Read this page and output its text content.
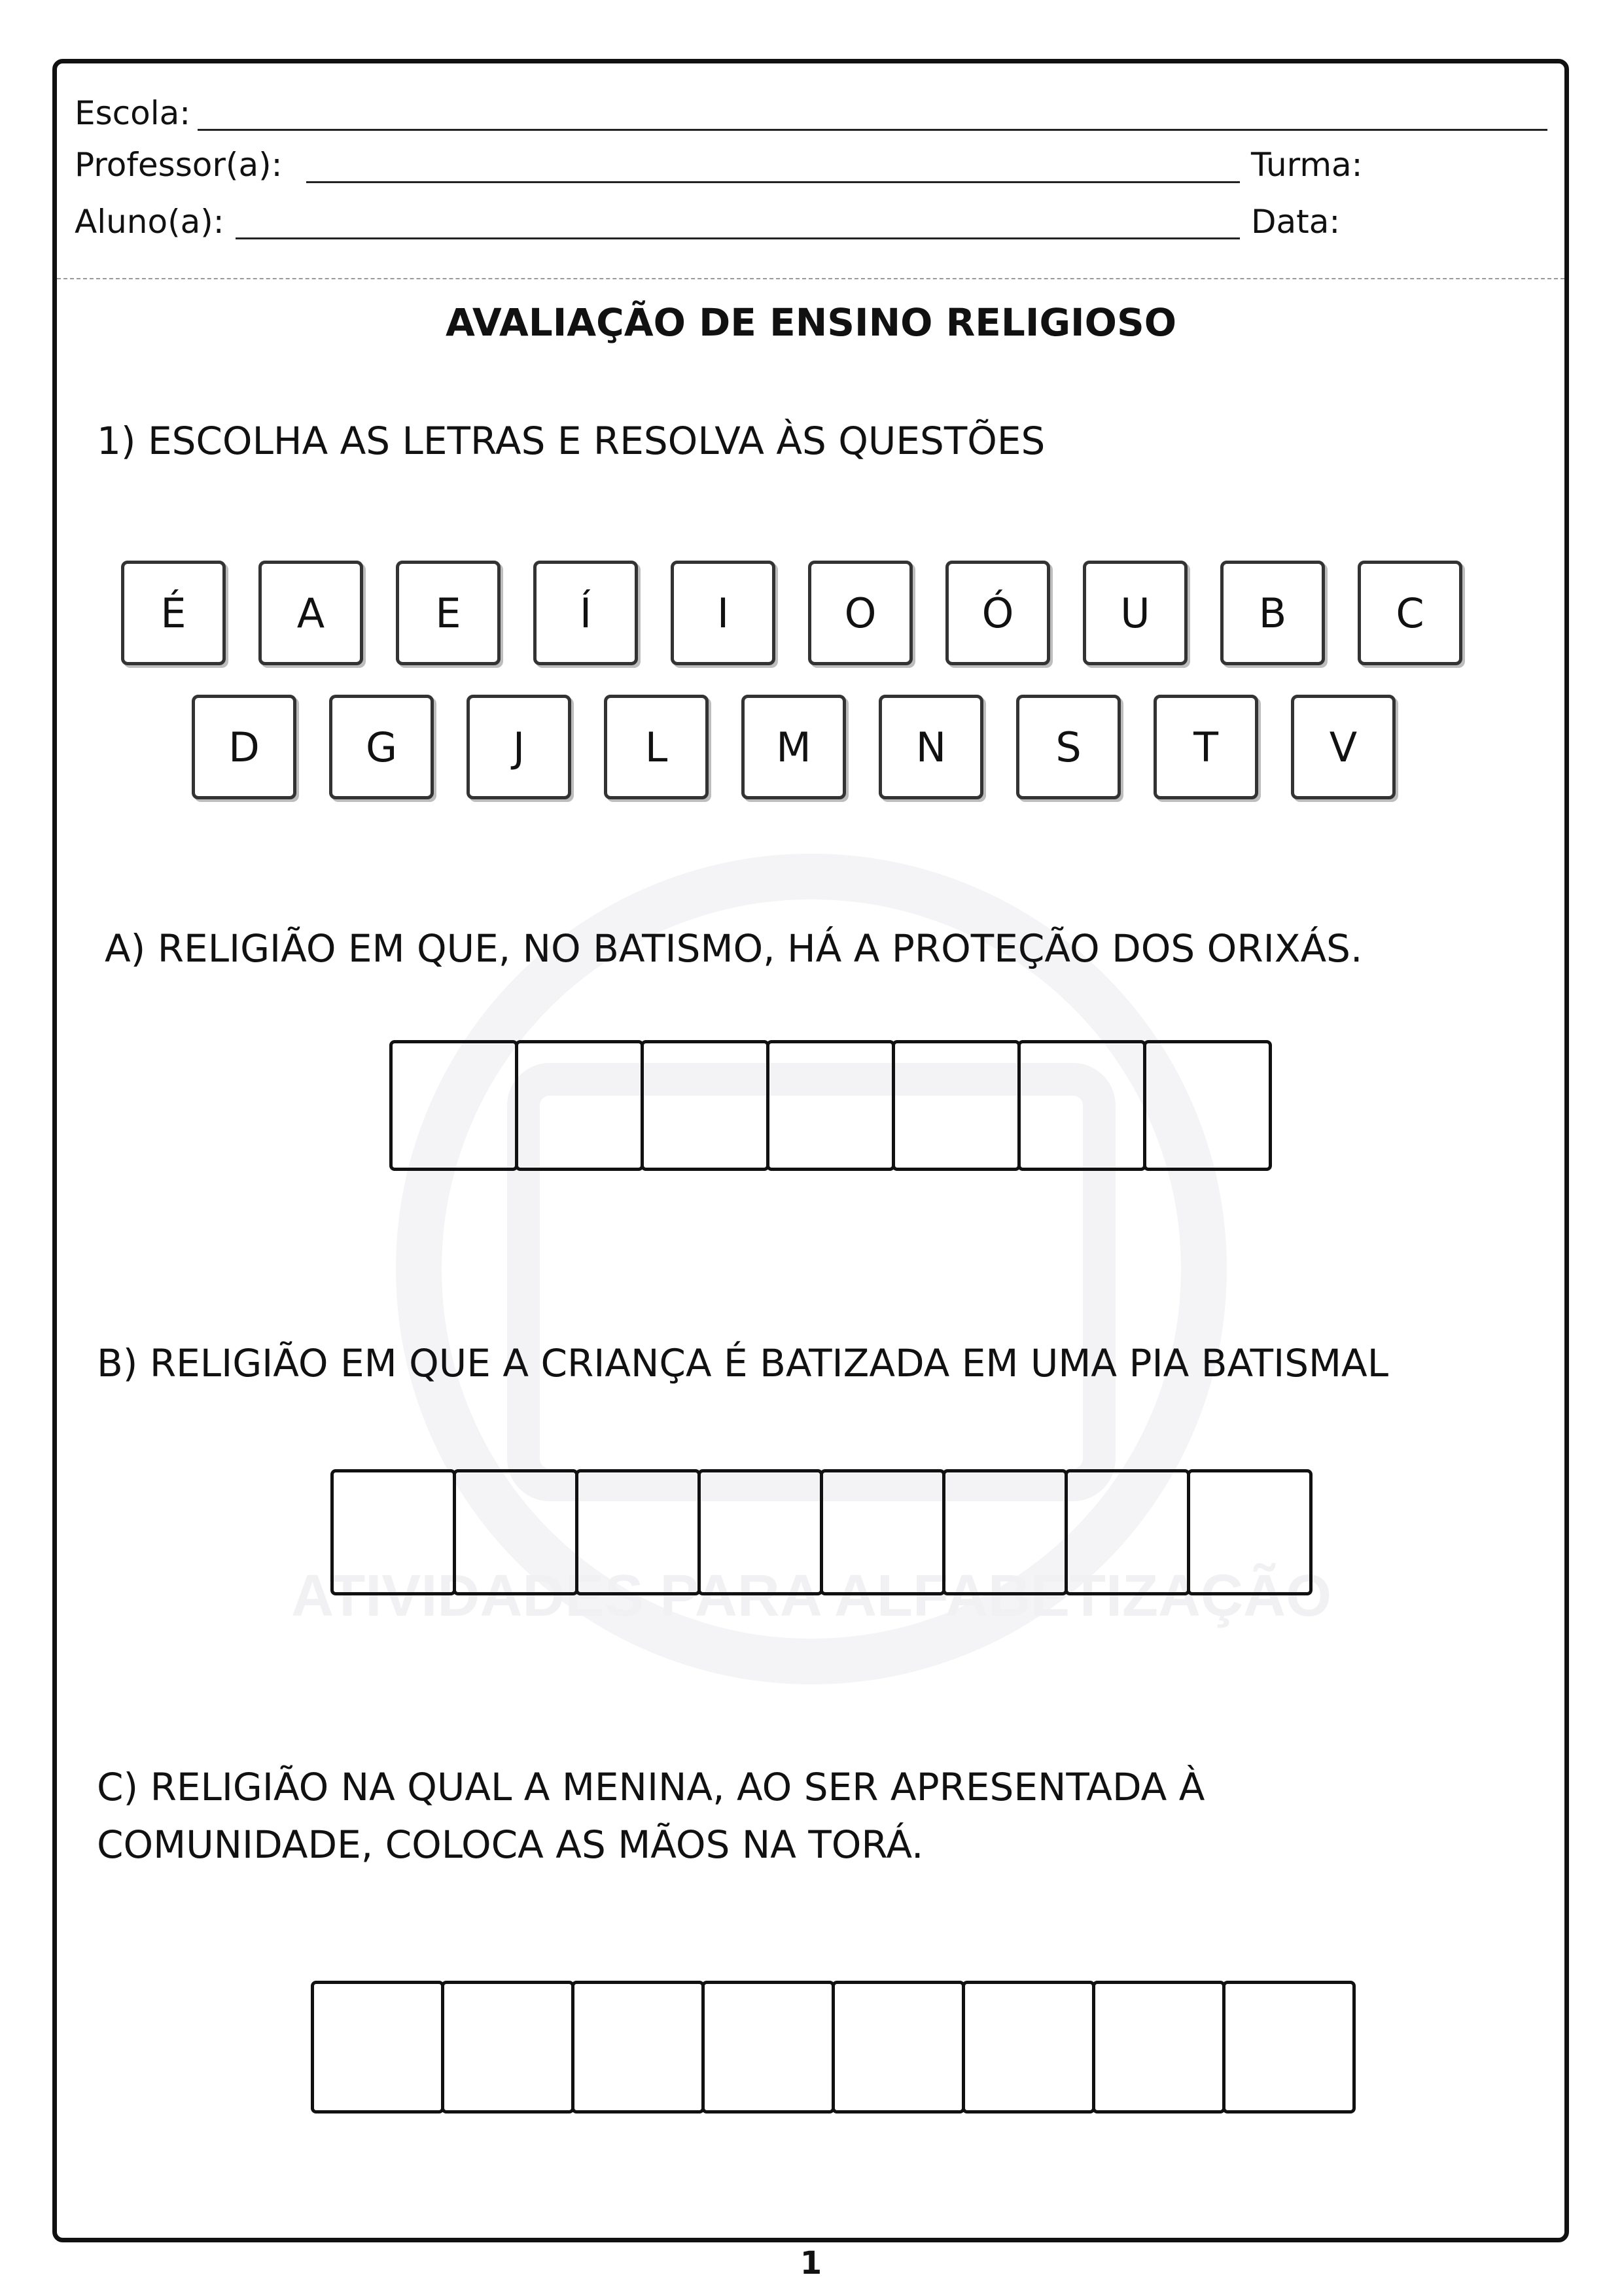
ATIVIDADES PARA ALFABETIZAÇÃO
Escola:
Professor(a):	Turma:
Aluno(a):	Data:
AVALIAÇÃO DE ENSINO RELIGIOSO
1) ESCOLHA AS LETRAS E RESOLVA ÀS QUESTÕES
É	A	E	Í	I	O	Ó	U	B	C
D	G	J	L	M	N	S	T	V
A) RELIGIÃO EM QUE, NO BATISMO, HÁ A PROTEÇÃO DOS ORIXÁS.
B) RELIGIÃO EM QUE A CRIANÇA É BATIZADA EM UMA PIA BATISMAL
C) RELIGIÃO NA QUAL A MENINA, AO SER APRESENTADA À
COMUNIDADE, COLOCA AS MÃOS NA TORÁ.
1
